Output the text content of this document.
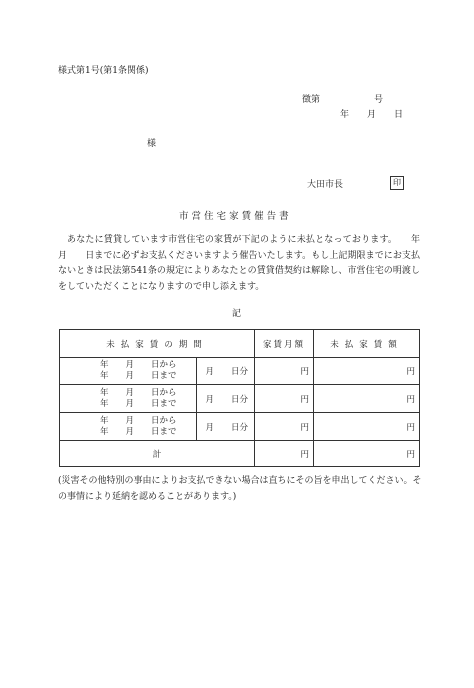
様式第1号(第1条関係)
徴第　　　　　　号
年　　月　　日
様
大田市長	印
市 営 住 宅 家 賃 催 告 書
あなたに賃貸しています市営住宅の家賃が下記のように未払となっております。　　年　　月　　日までに必ずお支払くださいますよう催告いたします。もし上記期限までにお支払ないときは民法第541条の規定によりあなたとの賃貸借契約は解除し、市営住宅の明渡しをしていただくことになりますので申し添えます。
記
未払家賃の期間		家賃月額	未払家賃額

年　　月　　日から
年　　月　　日まで	月　　日分	円	円

年　　月　　日から
年　　月　　日まで	月　　日分	円	円

年　　月　　日から
年　　月　　日まで	月　　日分	円	円
計		円	円
(災害その他特別の事由によりお支払できない場合は直ちにその旨を申出してください。その事情により延納を認めることがあります。)
